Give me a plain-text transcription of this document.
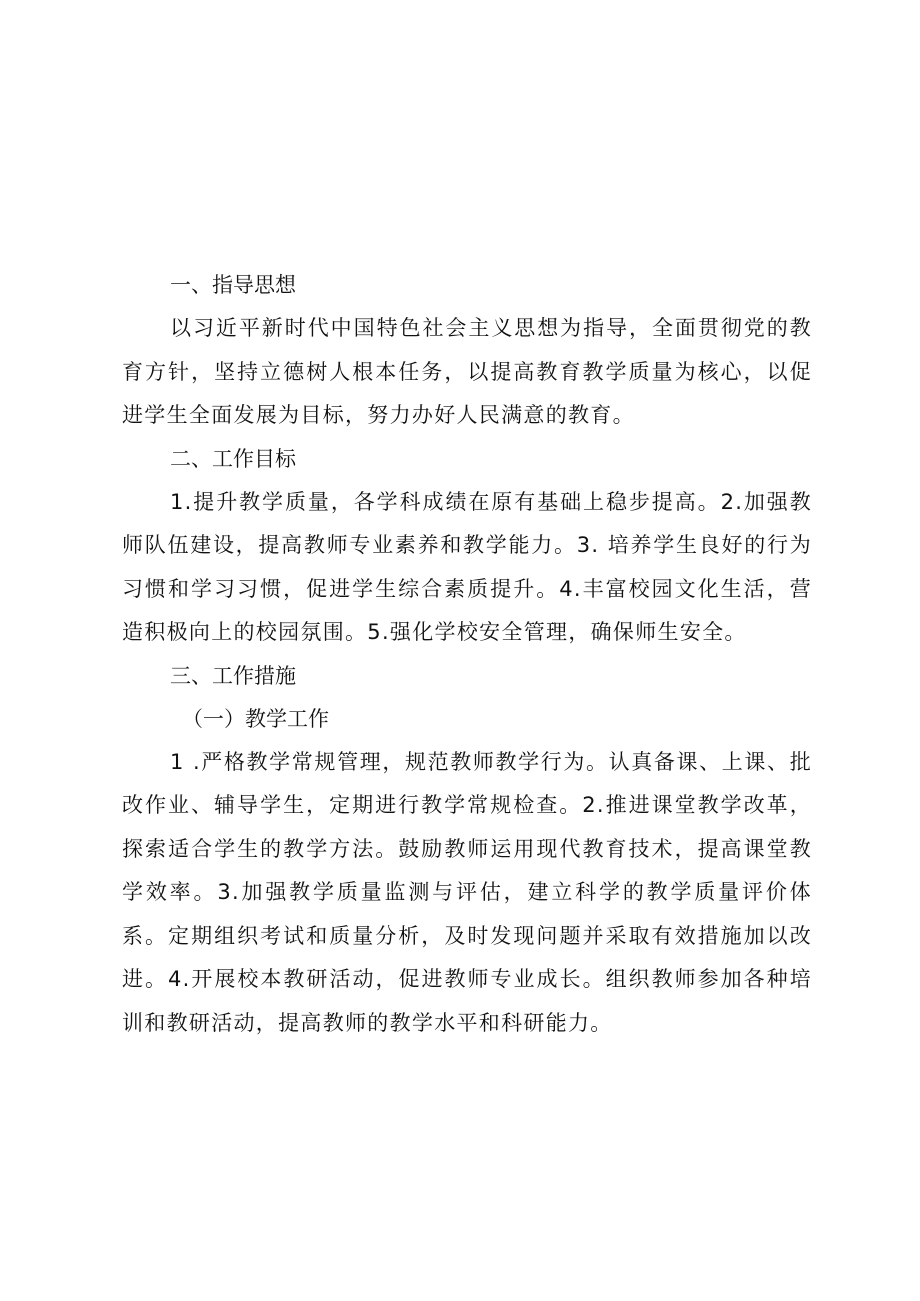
一、指导思想

以习近平新时代中国特色社会主义思想为指导，全面贯彻党的教育方针，坚持立德树人根本任务，以提高教育教学质量为核心，以促进学生全面发展为目标，努力办好人民满意的教育。

二、工作目标

1.提升教学质量，各学科成绩在原有基础上稳步提高。2.加强教师队伍建设，提高教师专业素养和教学能力。3. 培养学生良好的行为习惯和学习习惯，促进学生综合素质提升。4.丰富校园文化生活，营造积极向上的校园氛围。5.强化学校安全管理，确保师生安全。

三、工作措施
（一）教学工作

1 .严格教学常规管理，规范教师教学行为。认真备课、上课、批改作业、辅导学生，定期进行教学常规检查。2.推进课堂教学改革，探索适合学生的教学方法。鼓励教师运用现代教育技术，提高课堂教学效率。3.加强教学质量监测与评估，建立科学的教学质量评价体系。定期组织考试和质量分析，及时发现问题并采取有效措施加以改进。4.开展校本教研活动，促进教师专业成长。组织教师参加各种培训和教研活动，提高教师的教学水平和科研能力。
